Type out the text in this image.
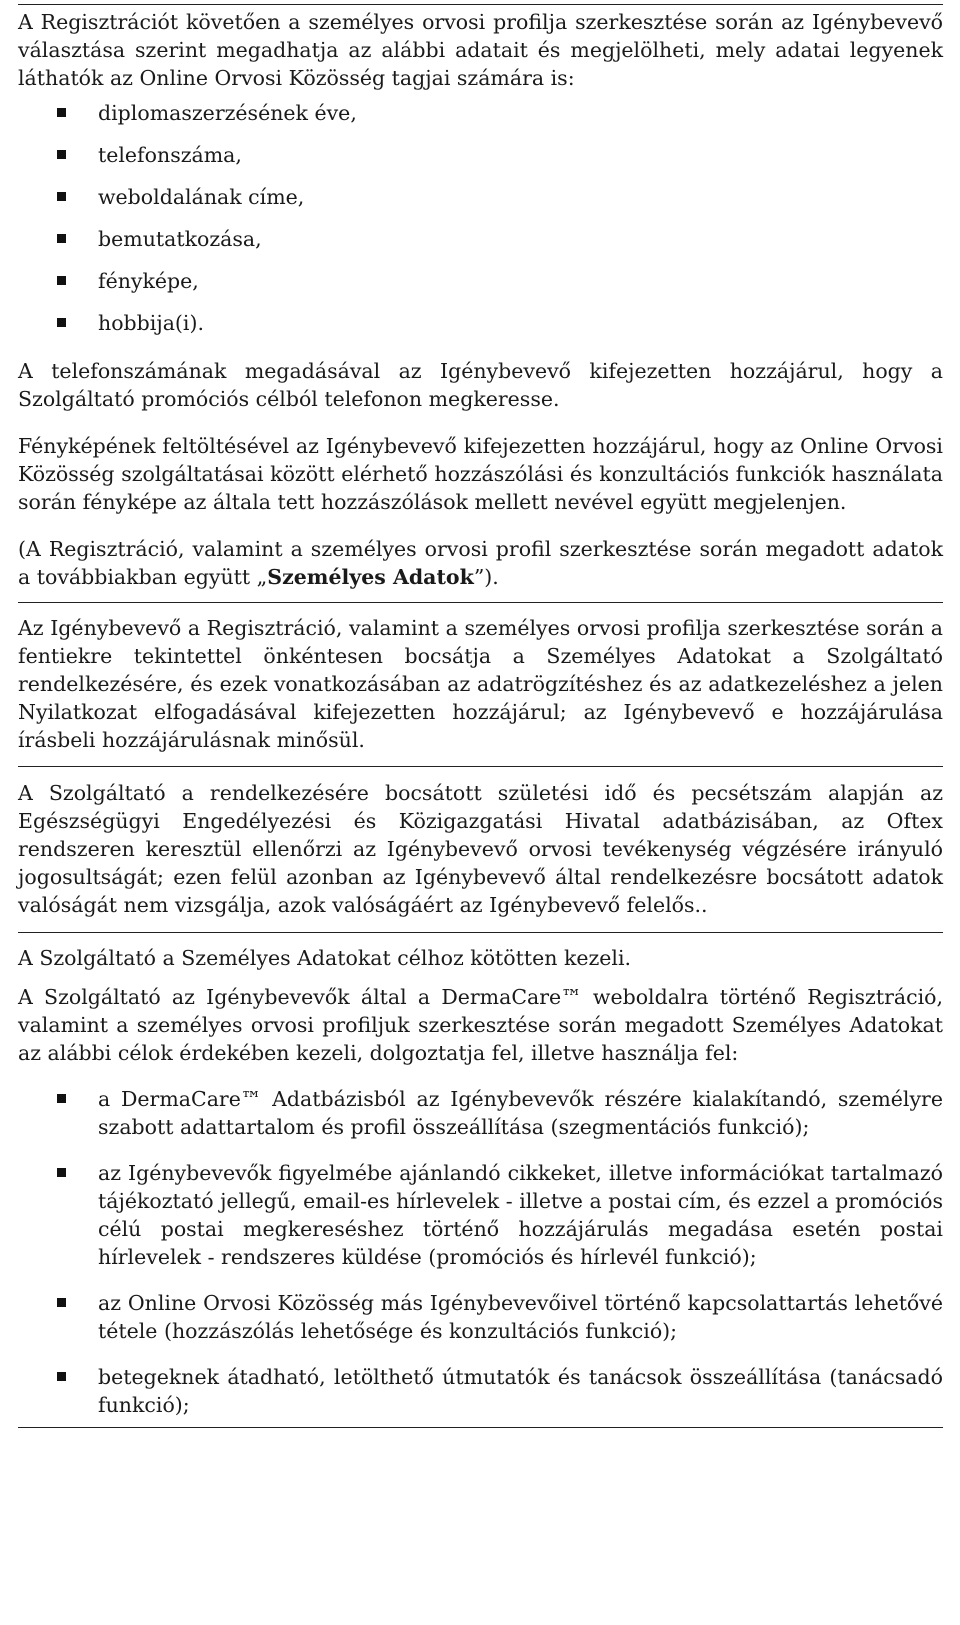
A Regisztrációt követően a személyes orvosi profilja szerkesztése során az Igénybevevő választása szerint megadhatja az alábbi adatait és megjelölheti, mely adatai legyenek láthatók az Online Orvosi Közösség tagjai számára is:

diplomaszerzésének éve,
telefonszáma,
weboldalának címe,
bemutatkozása,
fényképe,
hobbija(i).

A telefonszámának megadásával az Igénybevevő kifejezetten hozzájárul, hogy a Szolgáltató promóciós célból telefonon megkeresse.

Fényképének feltöltésével az Igénybevevő kifejezetten hozzájárul, hogy az Online Orvosi Közösség szolgáltatásai között elérhető hozzászólási és konzultációs funkciók használata során fényképe az általa tett hozzászólások mellett nevével együtt megjelenjen.

(A Regisztráció, valamint a személyes orvosi profil szerkesztése során megadott adatok a továbbiakban együtt „Személyes Adatok”).

Az Igénybevevő a Regisztráció, valamint a személyes orvosi profilja szerkesztése során a fentiekre tekintettel önkéntesen bocsátja a Személyes Adatokat a Szolgáltató rendelkezésére, és ezek vonatkozásában az adatrögzítéshez és az adatkezeléshez a jelen Nyilatkozat elfogadásával kifejezetten hozzájárul; az Igénybevevő e hozzájárulása írásbeli hozzájárulásnak minősül.

A Szolgáltató a rendelkezésére bocsátott születési idő és pecsétszám alapján az Egészségügyi Engedélyezési és Közigazgatási Hivatal adatbázisában, az Oftex rendszeren keresztül ellenőrzi az Igénybevevő orvosi tevékenység végzésére irányuló jogosultságát; ezen felül azonban az Igénybevevő által rendelkezésre bocsátott adatok valóságát nem vizsgálja, azok valóságáért az Igénybevevő felelős..

A Szolgáltató a Személyes Adatokat célhoz kötötten kezeli.

A Szolgáltató az Igénybevevők által a DermaCare™ weboldalra történő Regisztráció, valamint a személyes orvosi profiljuk szerkesztése során megadott Személyes Adatokat az alábbi célok érdekében kezeli, dolgoztatja fel, illetve használja fel:

a DermaCare™ Adatbázisból az Igénybevevők részére kialakítandó, személyre szabott adattartalom és profil összeállítása (szegmentációs funkció);
az Igénybevevők figyelmébe ajánlandó cikkeket, illetve információkat tartalmazó tájékoztató jellegű, email-es hírlevelek - illetve a postai cím, és ezzel a promóciós célú postai megkereséshez történő hozzájárulás megadása esetén postai hírlevelek - rendszeres küldése (promóciós és hírlevél funkció);
az Online Orvosi Közösség más Igénybevevőivel történő kapcsolattartás lehetővé tétele (hozzászólás lehetősége és konzultációs funkció);
betegeknek átadható, letölthető útmutatók és tanácsok összeállítása (tanácsadó funkció);
